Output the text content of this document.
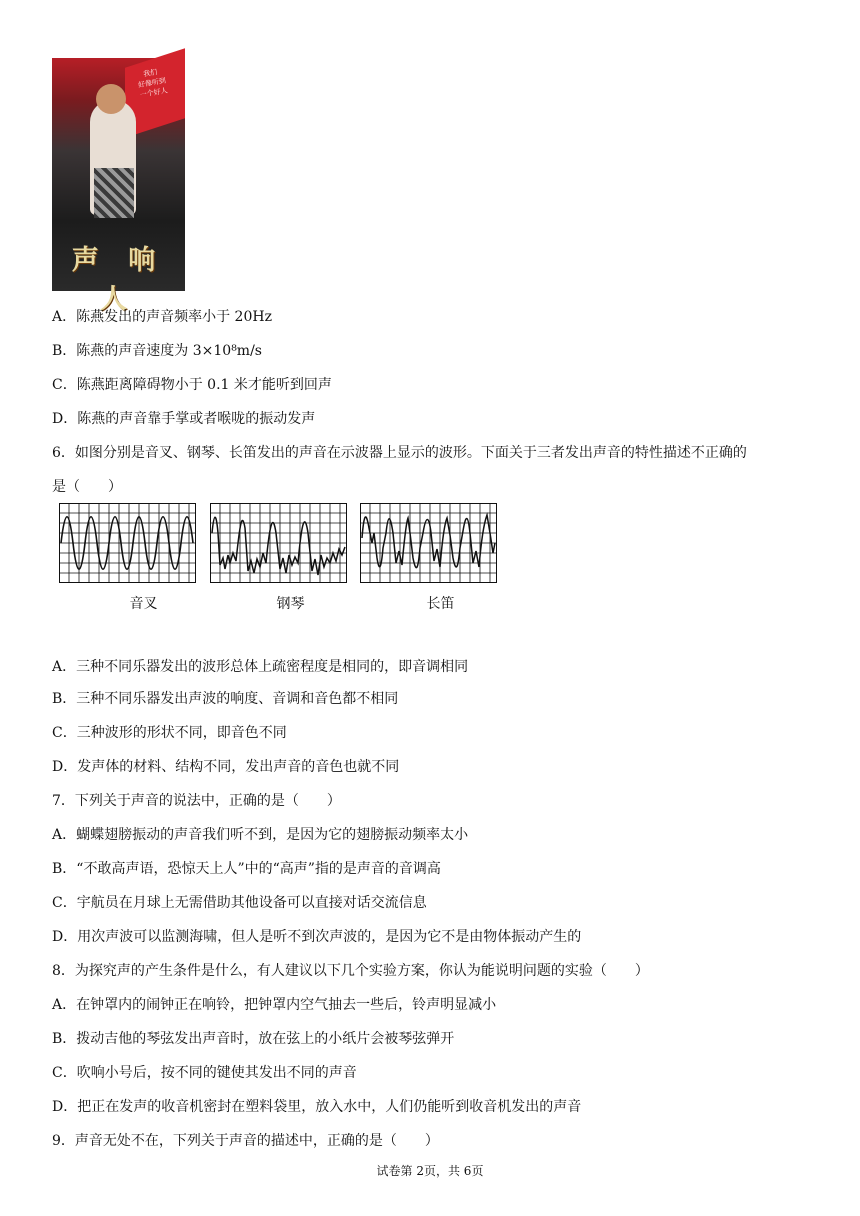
我们
好像听到
一个好人
声 响 人
A．陈燕发出的声音频率小于 20Hz
B．陈燕的声音速度为 3×10⁸m/s
C．陈燕距离障碍物小于 0.1 米才能听到回声
D．陈燕的声音靠手掌或者喉咙的振动发声
6．如图分别是音叉、钢琴、长笛发出的声音在示波器上显示的波形。下面关于三者发出声音的特性描述不正确的
是（　　）
音叉	钢琴	长笛
A．三种不同乐器发出的波形总体上疏密程度是相同的，即音调相同
B．三种不同乐器发出声波的响度、音调和音色都不相同
C．三种波形的形状不同，即音色不同
D．发声体的材料、结构不同，发出声音的音色也就不同
7．下列关于声音的说法中，正确的是（　　）
A．蝴蝶翅膀振动的声音我们听不到，是因为它的翅膀振动频率太小
B．“不敢高声语，恐惊天上人”中的“高声”指的是声音的音调高
C．宇航员在月球上无需借助其他设备可以直接对话交流信息
D．用次声波可以监测海啸，但人是听不到次声波的，是因为它不是由物体振动产生的
8．为探究声的产生条件是什么，有人建议以下几个实验方案，你认为能说明问题的实验（　　）
A．在钟罩内的闹钟正在响铃，把钟罩内空气抽去一些后，铃声明显减小
B．拨动吉他的琴弦发出声音时，放在弦上的小纸片会被琴弦弹开
C．吹响小号后，按不同的键使其发出不同的声音
D．把正在发声的收音机密封在塑料袋里，放入水中，人们仍能听到收音机发出的声音
9．声音无处不在，下列关于声音的描述中，正确的是（　　）
试卷第 2页，共 6页
